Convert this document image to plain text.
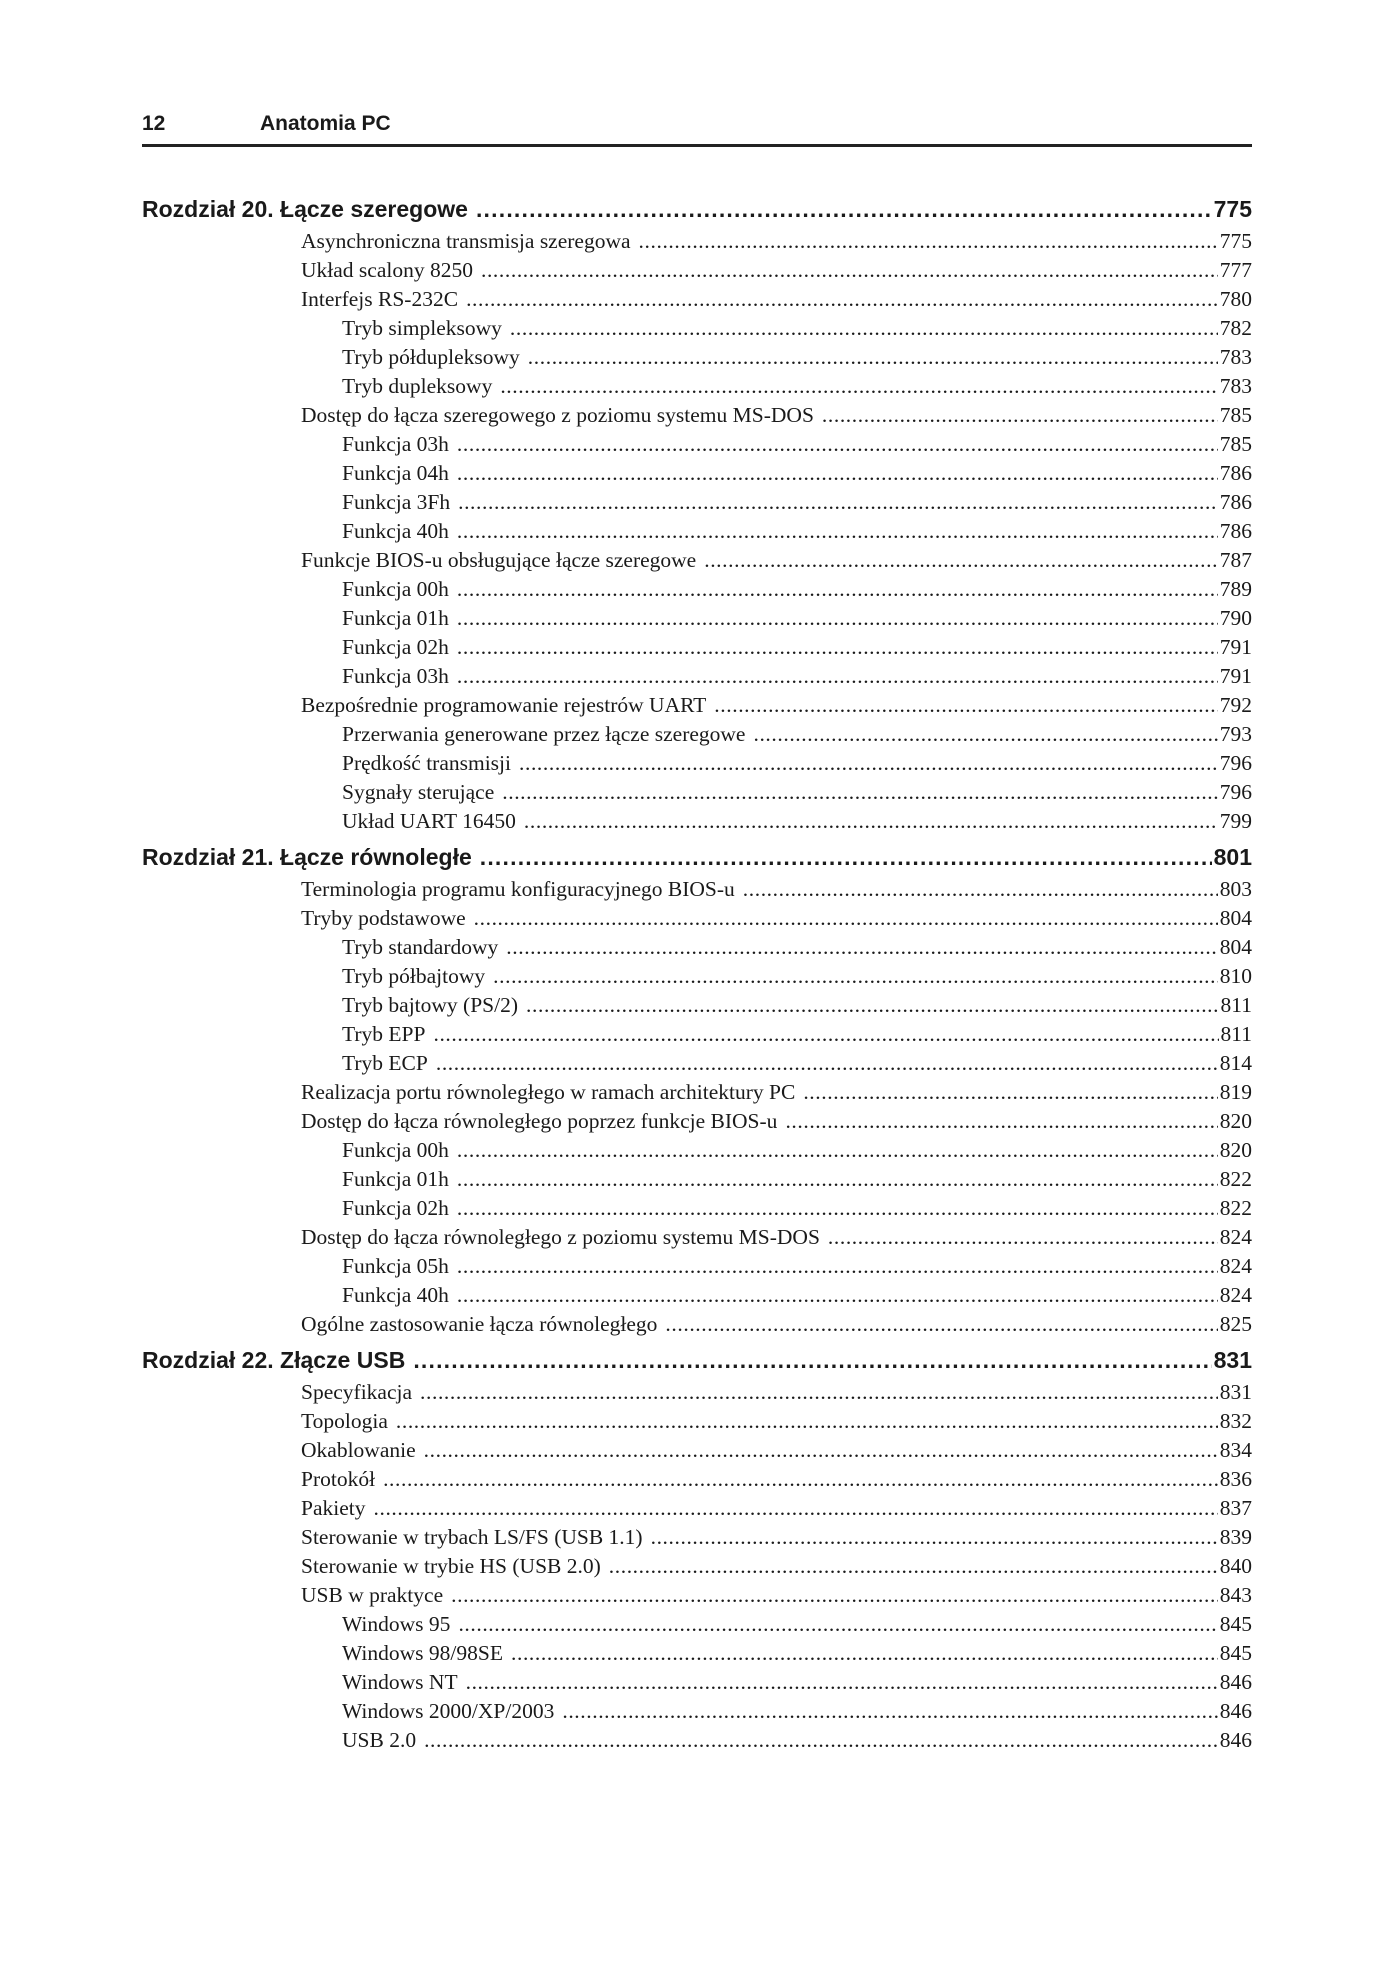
12	Anatomia PC
Rozdział 20. Łącze szeregowe .....	775
Asynchroniczna transmisja szeregowa .....	775
Układ scalony 8250 .....	777
Interfejs RS-232C .....	780
Tryb simpleksowy .....	782
Tryb półdupleksowy .....	783
Tryb dupleksowy .....	783
Dostęp do łącza szeregowego z poziomu systemu MS-DOS .....	785
Funkcja 03h .....	785
Funkcja 04h .....	786
Funkcja 3Fh .....	786
Funkcja 40h .....	786
Funkcje BIOS-u obsługujące łącze szeregowe .....	787
Funkcja 00h .....	789
Funkcja 01h .....	790
Funkcja 02h .....	791
Funkcja 03h .....	791
Bezpośrednie programowanie rejestrów UART .....	792
Przerwania generowane przez łącze szeregowe .....	793
Prędkość transmisji .....	796
Sygnały sterujące .....	796
Układ UART 16450 .....	799
Rozdział 21. Łącze równoległe .....	801
Terminologia programu konfiguracyjnego BIOS-u .....	803
Tryby podstawowe .....	804
Tryb standardowy .....	804
Tryb półbajtowy .....	810
Tryb bajtowy (PS/2) .....	811
Tryb EPP .....	811
Tryb ECP .....	814
Realizacja portu równoległego w ramach architektury PC .....	819
Dostęp do łącza równoległego poprzez funkcje BIOS-u .....	820
Funkcja 00h .....	820
Funkcja 01h .....	822
Funkcja 02h .....	822
Dostęp do łącza równoległego z poziomu systemu MS-DOS .....	824
Funkcja 05h .....	824
Funkcja 40h .....	824
Ogólne zastosowanie łącza równoległego .....	825
Rozdział 22. Złącze USB .....	831
Specyfikacja .....	831
Topologia .....	832
Okablowanie .....	834
Protokół .....	836
Pakiety .....	837
Sterowanie w trybach LS/FS (USB 1.1) .....	839
Sterowanie w trybie HS (USB 2.0) .....	840
USB w praktyce .....	843
Windows 95 .....	845
Windows 98/98SE .....	845
Windows NT .....	846
Windows 2000/XP/2003 .....	846
USB 2.0 .....	846
